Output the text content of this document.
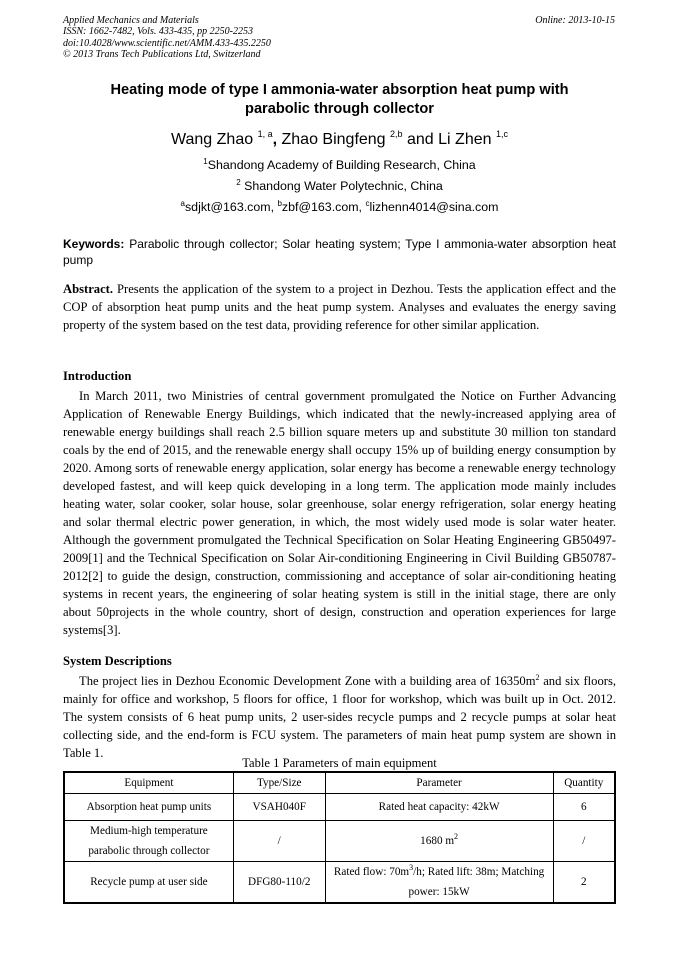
Applied Mechanics and Materials
ISSN: 1662-7482, Vols. 433-435, pp 2250-2253
doi:10.4028/www.scientific.net/AMM.433-435.2250
© 2013 Trans Tech Publications Ltd, Switzerland
Online: 2013-10-15
Heating mode of type I ammonia-water absorption heat pump with
parabolic through collector
Wang Zhao $^{1, a}$, Zhao Bingfeng $^{2,b}$ and Li Zhen $^{1,c}$
$^1$Shandong Academy of Building Research, China
$^2$ Shandong Water Polytechnic, China
$^a$sdjkt@163.com, $^b$zbf@163.com, $^c$lizhenn4014@sina.com
Keywords: Parabolic through collector; Solar heating system; Type I ammonia-water absorption heat pump
Abstract. Presents the application of the system to a project in Dezhou. Tests the application effect and the COP of absorption heat pump units and the heat pump system. Analyses and evaluates the energy saving property of the system based on the test data, providing reference for other similar application.
Introduction
In March 2011, two Ministries of central government promulgated the Notice on Further Advancing Application of Renewable Energy Buildings, which indicated that the newly-increased applying area of renewable energy buildings shall reach 2.5 billion square meters up and substitute 30 million ton standard coals by the end of 2015, and the renewable energy shall occupy 15% up of building energy consumption by 2020. Among sorts of renewable energy application, solar energy has become a renewable energy technology developed fastest, and will keep quick developing in a long term. The application mode mainly includes heating water, solar cooker, solar house, solar greenhouse, solar energy refrigeration, solar energy heating and solar thermal electric power generation, in which, the most widely used mode is solar water heater. Although the government promulgated the Technical Specification on Solar Heating Engineering GB50497-2009[1] and the Technical Specification on Solar Air-conditioning Engineering in Civil Building GB50787-2012[2] to guide the design, construction, commissioning and acceptance of solar air-conditioning heating systems in recent years, the engineering of solar heating system is still in the initial stage, there are only about 50projects in the whole country, short of design, construction and operation experiences for large systems[3].
System Descriptions
The project lies in Dezhou Economic Development Zone with a building area of $16350m^2$ and six floors, mainly for office and workshop, 5 floors for office, 1 floor for workshop, which was built up in Oct. 2012. The system consists of 6 heat pump units, 2 user-sides recycle pumps and 2 recycle pumps at solar heat collecting side, and the end-form is FCU system. The parameters of main heat pump system are shown in Table 1.
Table 1 Parameters of main equipment
Equipment	Type/Size	Parameter	Quantity
Absorption heat pump units	VSAH040F	Rated heat capacity: 42kW	6

Medium-high temperature
parabolic through collector	/	1680 $m^2$	/
Recycle pump at user side	DFG80-110/2	Rated flow: $70m^3/h$; Rated lift: 38m; Matching power: 15kW	2
